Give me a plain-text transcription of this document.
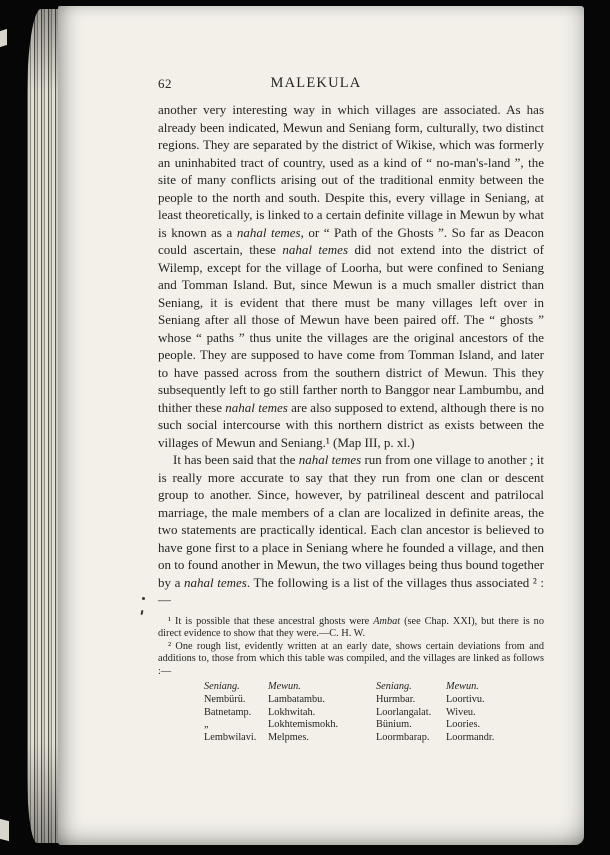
62	MALEKULA

another very interesting way in which villages are associated. As has already been indicated, Mewun and Seniang form, culturally, two distinct regions. They are separated by the district of Wikise, which was formerly an uninhabited tract of country, used as a kind of “ no-man's-land ”, the site of many conflicts arising out of the traditional enmity between the people to the north and south. Despite this, every village in Seniang, at least theoretically, is linked to a certain definite village in Mewun by what is known as a nahal temes, or “ Path of the Ghosts ”. So far as Deacon could ascertain, these nahal temes did not extend into the district of Wilemp, except for the village of Loorha, but were confined to Seniang and Tomman Island. But, since Mewun is a much smaller district than Seniang, it is evident that there must be many villages left over in Seniang after all those of Mewun have been paired off. The “ ghosts ” whose “ paths ” thus unite the villages are the original ancestors of the people. They are supposed to have come from Tomman Island, and later to have passed across from the southern district of Mewun. This they subsequently left to go still farther north to Banggor near Lambumbu, and thither these nahal temes are also supposed to extend, although there is no such social intercourse with this northern district as exists between the villages of Mewun and Seniang.¹ (Map III, p. xl.)

It has been said that the nahal temes run from one village to another ; it is really more accurate to say that they run from one clan or descent group to another. Since, however, by patrilineal descent and patrilocal marriage, the male members of a clan are localized in definite areas, the two statements are practically identical. Each clan ancestor is believed to have gone first to a place in Seniang where he founded a village, and then on to found another in Mewun, the two villages being thus bound together by a nahal temes. The following is a list of the villages thus associated ² :—

¹ It is possible that these ancestral ghosts were Ambat (see Chap. XXI), but there is no direct evidence to show that they were.—C. H. W.

² One rough list, evidently written at an early date, shows certain deviations from and additions to, those from which this table was compiled, and the villages are linked as follows :—

Seniang.	Mewun.	Seniang.	Mewun.
Nembürü.	Lambatambu.	Hurmbar.	Loortivu.
Batnetamp.	Lokhwitah.	Loorlangalat.	Wiveu.
„	Lokhtemismokh.	Bünium.	Loories.
Lembwilavi.	Melpmes.	Loormbarap.	Loormandr.
